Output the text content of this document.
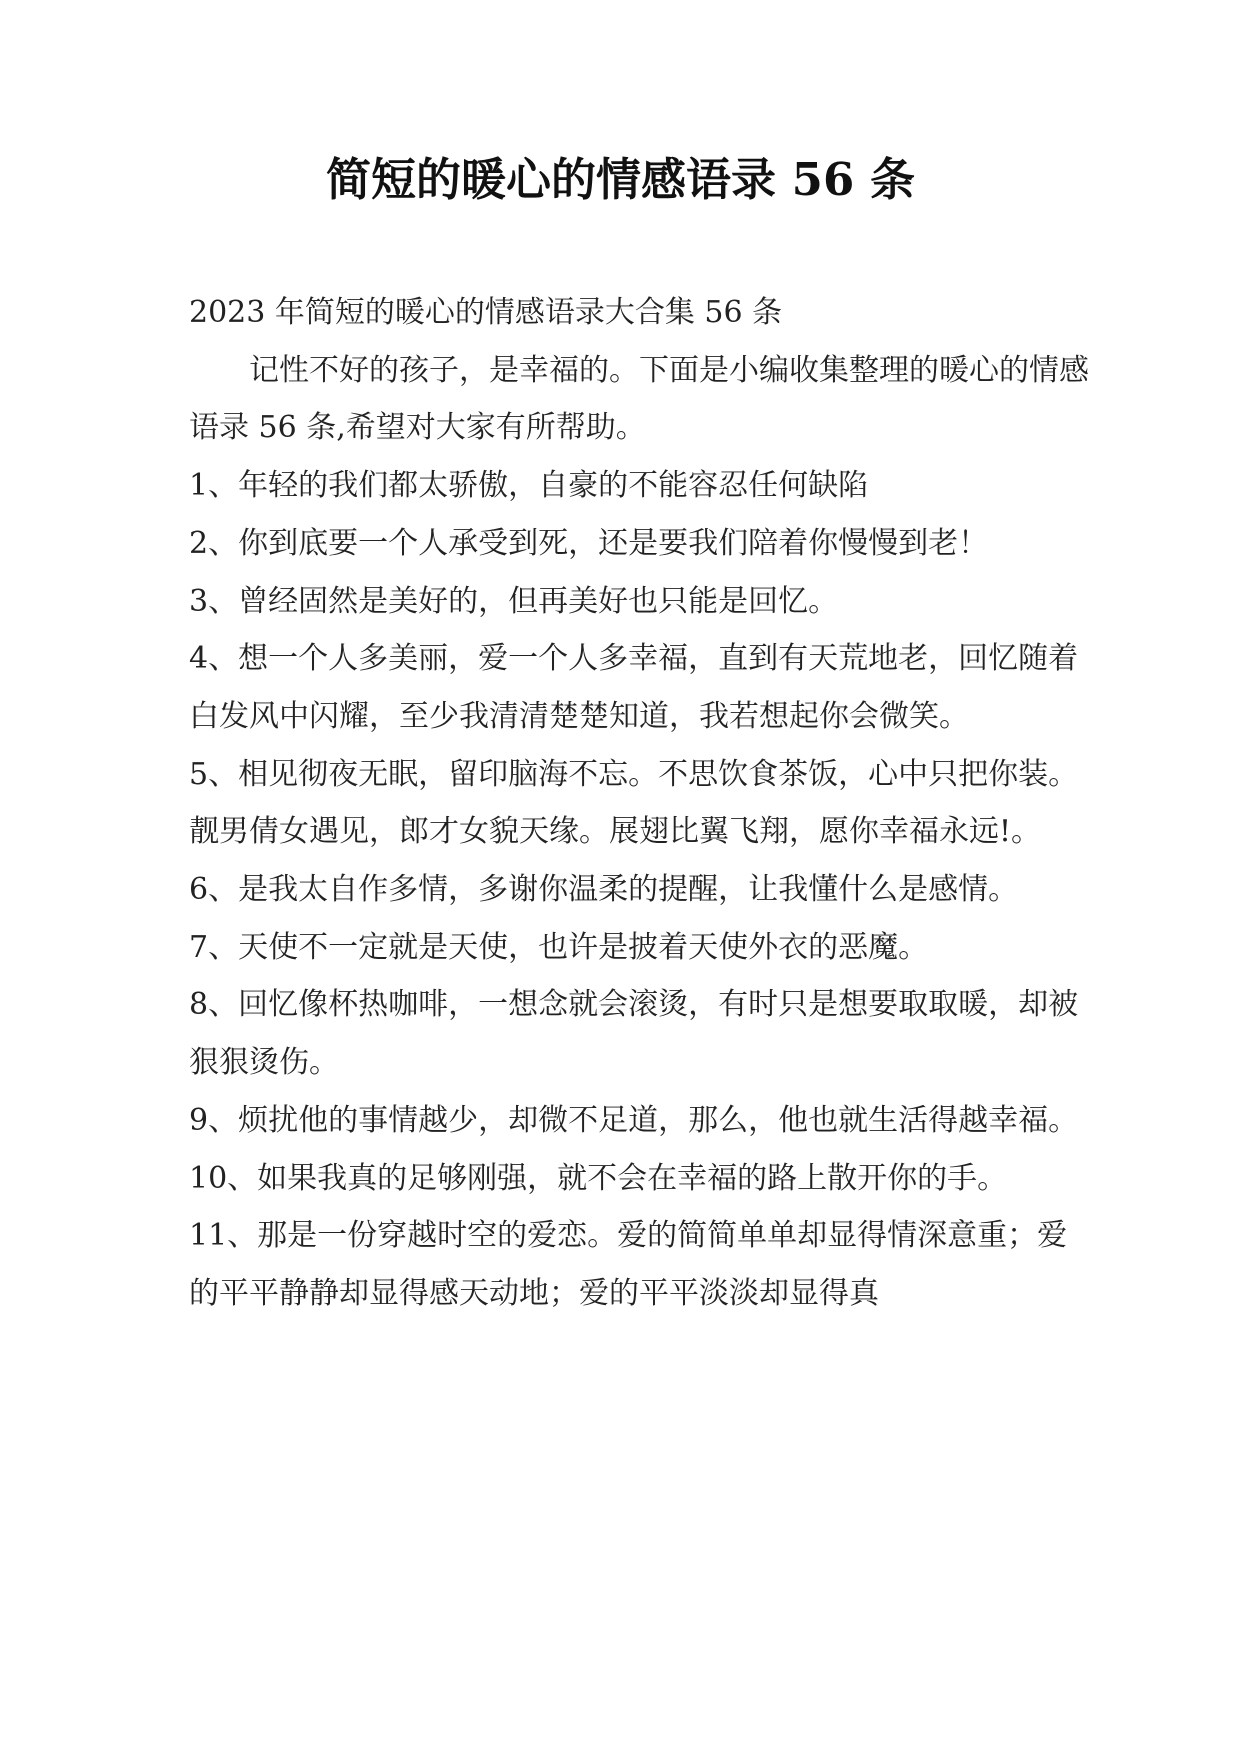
简短的暖心的情感语录 56 条

2023 年简短的暖心的情感语录大合集 56 条

记性不好的孩子，是幸福的。下面是小编收集整理的暖心的情感语录 56 条,希望对大家有所帮助。

1、年轻的我们都太骄傲，自豪的不能容忍任何缺陷

2、你到底要一个人承受到死，还是要我们陪着你慢慢到老！

3、曾经固然是美好的，但再美好也只能是回忆。

4、想一个人多美丽，爱一个人多幸福，直到有天荒地老，回忆随着白发风中闪耀，至少我清清楚楚知道，我若想起你会微笑。

5、相见彻夜无眠，留印脑海不忘。不思饮食茶饭，心中只把你装。靓男倩女遇见，郎才女貌天缘。展翅比翼飞翔，愿你幸福永远!。

6、是我太自作多情，多谢你温柔的提醒，让我懂什么是感情。

7、天使不一定就是天使，也许是披着天使外衣的恶魔。

8、回忆像杯热咖啡，一想念就会滚烫，有时只是想要取取暖，却被狠狠烫伤。

9、烦扰他的事情越少，却微不足道，那么，他也就生活得越幸福。

10、如果我真的足够刚强，就不会在幸福的路上散开你的手。

11、那是一份穿越时空的爱恋。爱的简简单单却显得情深意重；爱的平平静静却显得感天动地；爱的平平淡淡却显得真
